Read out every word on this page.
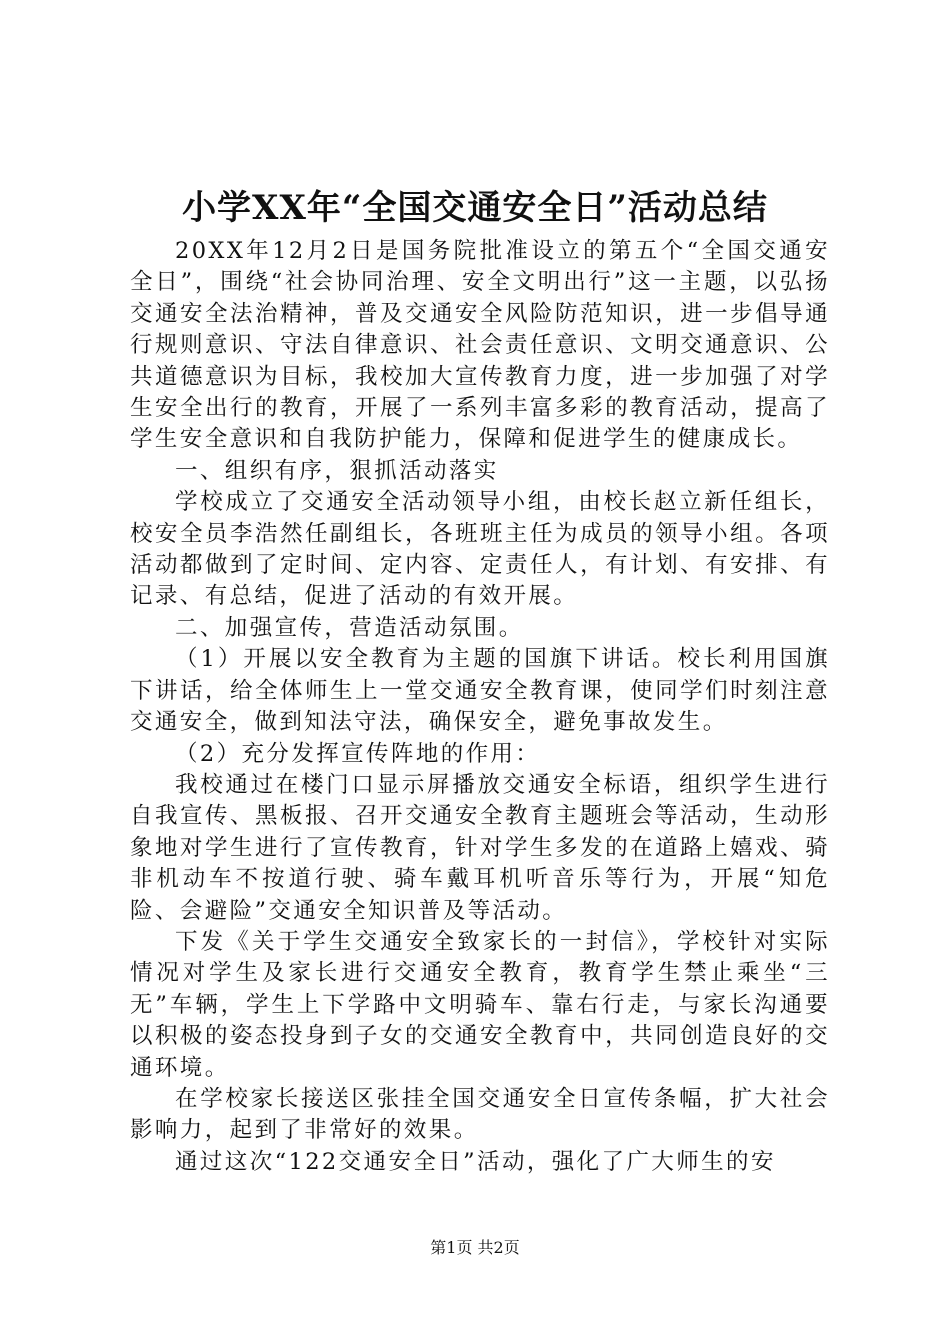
小学XX年“全国交通安全日”活动总结

20XX年12月2日是国务院批准设立的第五个“全国交通安全日”，围绕“社会协同治理、安全文明出行”这一主题，以弘扬交通安全法治精神，普及交通安全风险防范知识，进一步倡导通行规则意识、守法自律意识、社会责任意识、文明交通意识、公共道德意识为目标，我校加大宣传教育力度，进一步加强了对学生安全出行的教育，开展了一系列丰富多彩的教育活动，提高了学生安全意识和自我防护能力，保障和促进学生的健康成长。

一、组织有序，狠抓活动落实

学校成立了交通安全活动领导小组，由校长赵立新任组长，校安全员李浩然任副组长，各班班主任为成员的领导小组。各项活动都做到了定时间、定内容、定责任人，有计划、有安排、有记录、有总结，促进了活动的有效开展。

二、加强宣传，营造活动氛围。

（1）开展以安全教育为主题的国旗下讲话。校长利用国旗下讲话，给全体师生上一堂交通安全教育课，使同学们时刻注意交通安全，做到知法守法，确保安全，避免事故发生。

（2）充分发挥宣传阵地的作用：

我校通过在楼门口显示屏播放交通安全标语，组织学生进行自我宣传、黑板报、召开交通安全教育主题班会等活动，生动形象地对学生进行了宣传教育，针对学生多发的在道路上嬉戏、骑非机动车不按道行驶、骑车戴耳机听音乐等行为，开展“知危险、会避险”交通安全知识普及等活动。

下发《关于学生交通安全致家长的一封信》，学校针对实际情况对学生及家长进行交通安全教育，教育学生禁止乘坐“三无”车辆，学生上下学路中文明骑车、靠右行走，与家长沟通要以积极的姿态投身到子女的交通安全教育中，共同创造良好的交通环境。

在学校家长接送区张挂全国交通安全日宣传条幅，扩大社会影响力，起到了非常好的效果。

通过这次“122交通安全日”活动，强化了广大师生的安

第1页 共2页
